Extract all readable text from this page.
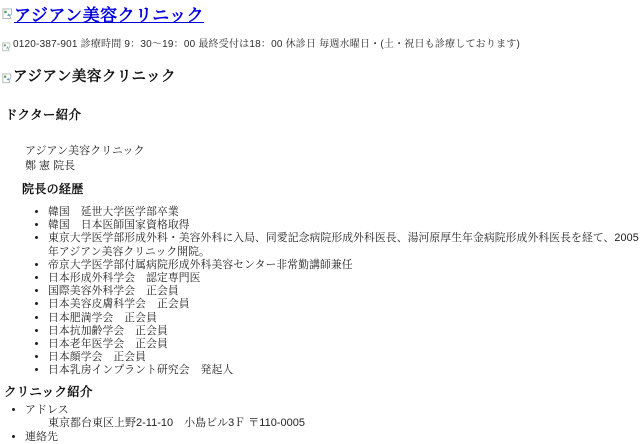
アジアン美容クリニック
0120-387-901 診療時間 9：30～19：00 最終受付は18：00 休診日 毎週水曜日・(土・祝日も診療しております)
アジアン美容クリニック
ドクター紹介
アジアン美容クリニック
鄭 憲 院長
院長の経歴
• 韓国　延世大学医学部卒業
• 韓国　日本医師国家資格取得
• 東京大学医学部形成外科・美容外科に入局、同愛記念病院形成外科医長、湯河原厚生年金病院形成外科医長を経て、2005年アジアン美容クリニック開院。
• 帝京大学医学部付属病院形成外科美容センター非常勤講師兼任
• 日本形成外科学会　認定専門医
• 国際美容外科学会　正会員
• 日本美容皮膚科学会　正会員
• 日本肥満学会　正会員
• 日本抗加齢学会　正会員
• 日本老年医学会　正会員
• 日本顔学会　正会員
• 日本乳房インプラント研究会　発起人
クリニック紹介
• アドレス
東京都台東区上野2-11-10　小島ビル3Ｆ 〒110-0005
• 連絡先
